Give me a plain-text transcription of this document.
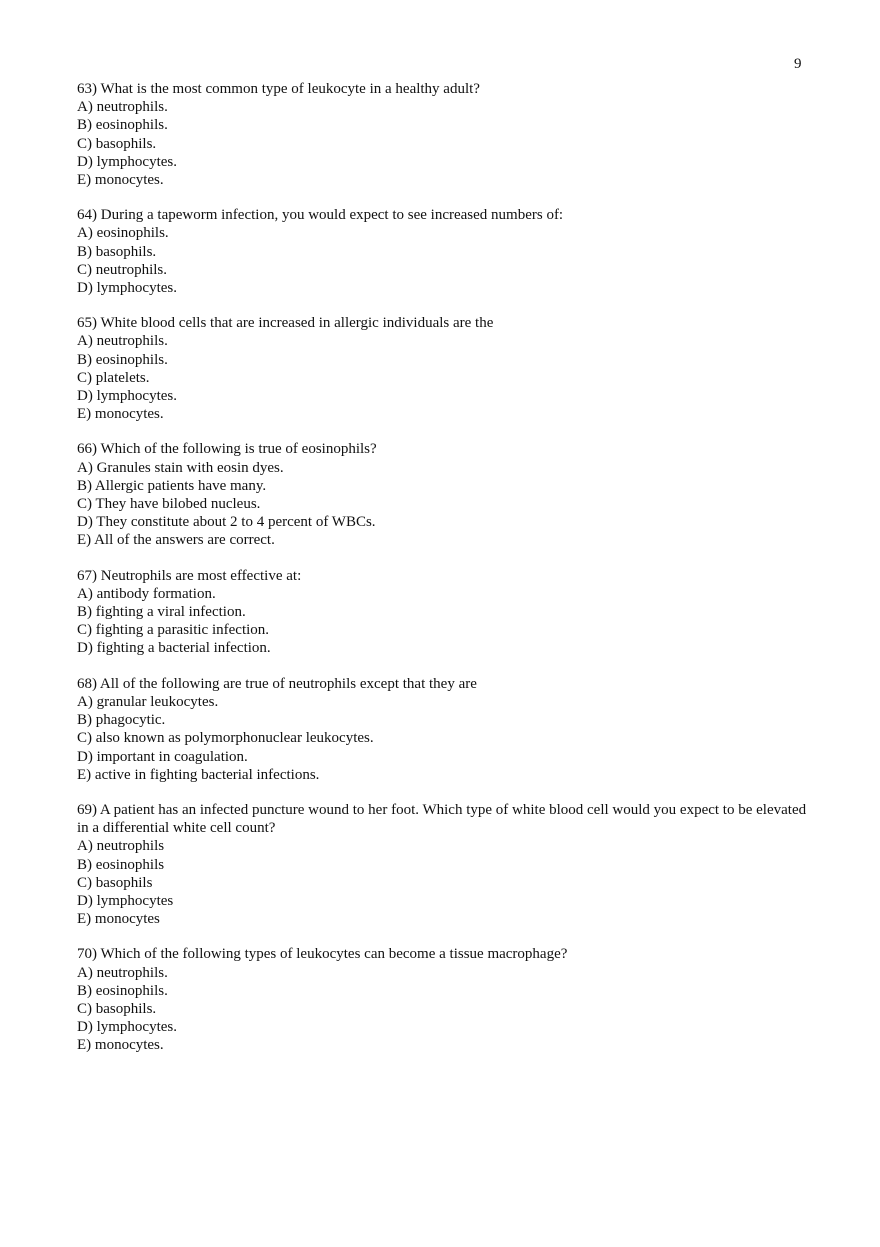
9
63) What is the most common type of leukocyte in a healthy adult?
A) neutrophils.
B) eosinophils.
C) basophils.
D) lymphocytes.
E) monocytes.
64) During a tapeworm infection, you would expect to see increased numbers of:
A) eosinophils.
B) basophils.
C) neutrophils.
D) lymphocytes.
65) White blood cells that are increased in allergic individuals are the
A) neutrophils.
B) eosinophils.
C) platelets.
D) lymphocytes.
E) monocytes.
66) Which of the following is true of eosinophils?
A) Granules stain with eosin dyes.
B) Allergic patients have many.
C) They have bilobed nucleus.
D) They constitute about 2 to 4 percent of WBCs.
E) All of the answers are correct.
67) Neutrophils are most effective at:
A) antibody formation.
B) fighting a viral infection.
C) fighting a parasitic infection.
D) fighting a bacterial infection.
68) All of the following are true of neutrophils except that they are
A) granular leukocytes.
B) phagocytic.
C) also known as polymorphonuclear leukocytes.
D) important in coagulation.
E) active in fighting bacterial infections.
69) A patient has an infected puncture wound to her foot. Which type of white blood cell would you expect to be elevated in a differential white cell count?
A) neutrophils
B) eosinophils
C) basophils
D) lymphocytes
E) monocytes
70) Which of the following types of leukocytes can become a tissue macrophage?
A) neutrophils.
B) eosinophils.
C) basophils.
D) lymphocytes.
E) monocytes.
